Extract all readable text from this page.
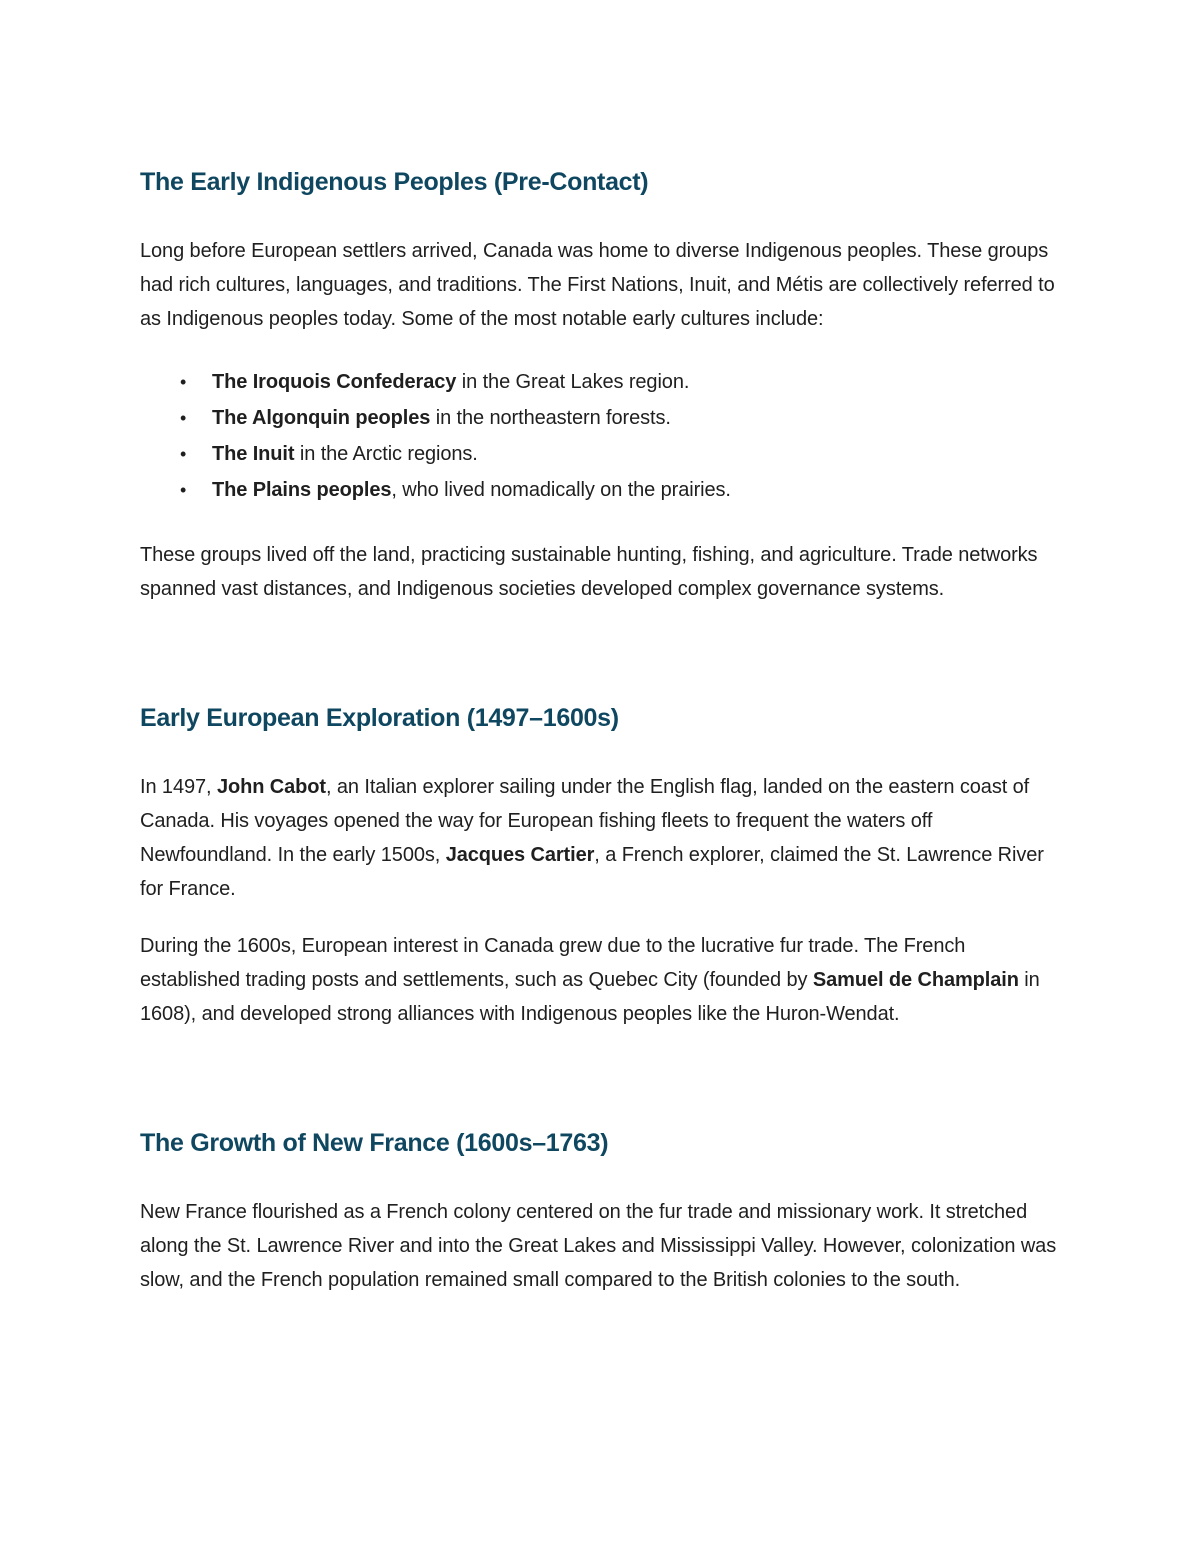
The Early Indigenous Peoples (Pre-Contact)

Long before European settlers arrived, Canada was home to diverse Indigenous peoples. These groups had rich cultures, languages, and traditions. The First Nations, Inuit, and Métis are collectively referred to as Indigenous peoples today. Some of the most notable early cultures include:

•	The Iroquois Confederacy in the Great Lakes region.
•	The Algonquin peoples in the northeastern forests.
•	The Inuit in the Arctic regions.
•	The Plains peoples, who lived nomadically on the prairies.

These groups lived off the land, practicing sustainable hunting, fishing, and agriculture. Trade networks spanned vast distances, and Indigenous societies developed complex governance systems.

Early European Exploration (1497–1600s)

In 1497, John Cabot, an Italian explorer sailing under the English flag, landed on the eastern coast of Canada. His voyages opened the way for European fishing fleets to frequent the waters off Newfoundland. In the early 1500s, Jacques Cartier, a French explorer, claimed the St. Lawrence River for France.

During the 1600s, European interest in Canada grew due to the lucrative fur trade. The French established trading posts and settlements, such as Quebec City (founded by Samuel de Champlain in 1608), and developed strong alliances with Indigenous peoples like the Huron-Wendat.

The Growth of New France (1600s–1763)

New France flourished as a French colony centered on the fur trade and missionary work. It stretched along the St. Lawrence River and into the Great Lakes and Mississippi Valley. However, colonization was slow, and the French population remained small compared to the British colonies to the south.
